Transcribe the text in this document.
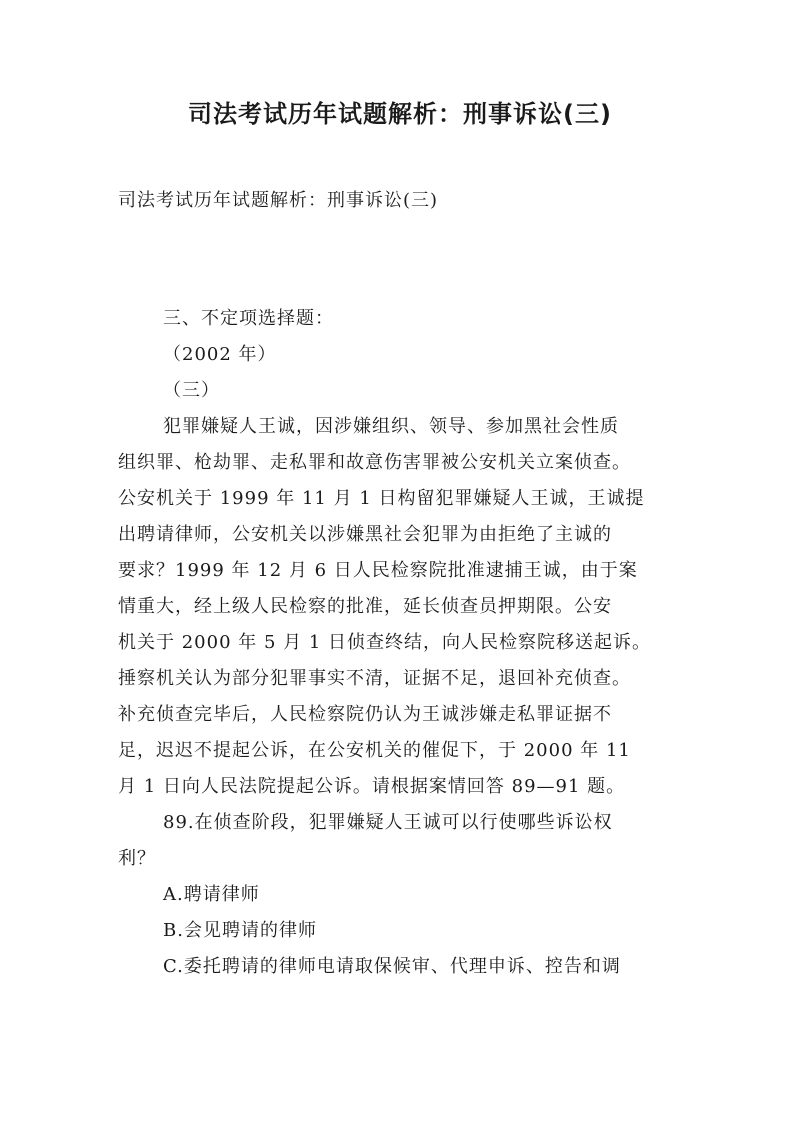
司法考试历年试题解析：刑事诉讼(三)

司法考试历年试题解析：刑事诉讼(三)

三、不定项选择题：
（2002 年）
（三）
犯罪嫌疑人王诚，因涉嫌组织、领导、参加黑社会性质
组织罪、枪劫罪、走私罪和故意伤害罪被公安机关立案侦查。
公安机关于 1999 年 11 月 1 日构留犯罪嫌疑人王诚，王诚提
出聘请律师，公安机关以涉嫌黑社会犯罪为由拒绝了主诚的
要求？1999 年 12 月 6 日人民检察院批准逮捕王诚，由于案
情重大，经上级人民检察的批准，延长侦查员押期限。公安
机关于 2000 年 5 月 1 日侦查终结，向人民检察院移送起诉。
捶察机关认为部分犯罪事实不清，证据不足，退回补充侦查。
补充侦查完毕后，人民检察院仍认为王诚涉嫌走私罪证据不
足，迟迟不提起公诉，在公安机关的催促下，于 2000 年 11
月 1 日向人民法院提起公诉。请根据案情回答 89—91 题。
89.在侦查阶段，犯罪嫌疑人王诚可以行使哪些诉讼权
利？
A.聘请律师
B.会见聘请的律师
C.委托聘请的律师电请取保候审、代理申诉、控告和调
